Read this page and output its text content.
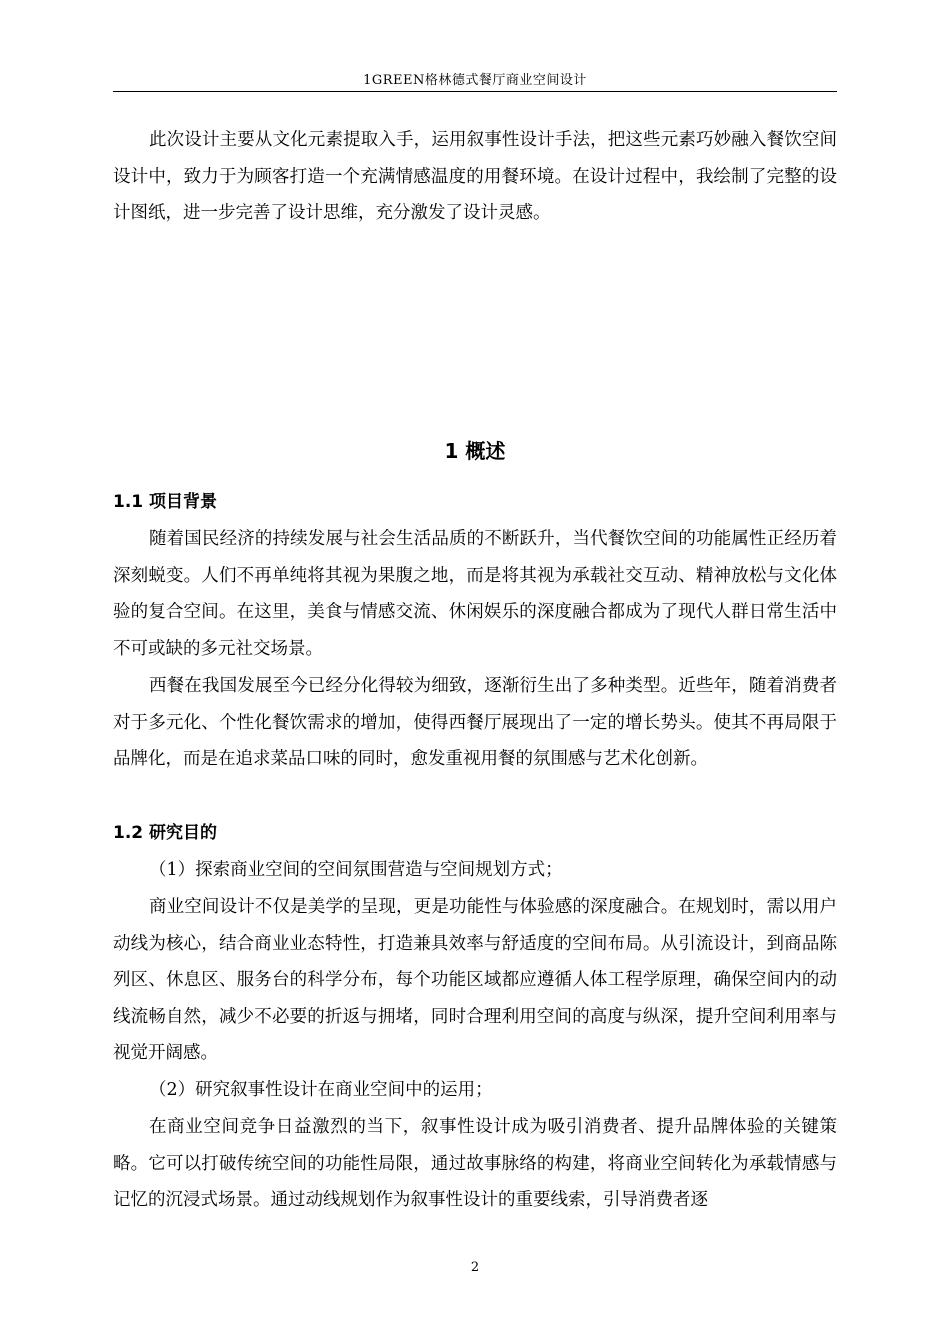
1GREEN格林德式餐厅商业空间设计

此次设计主要从文化元素提取入手，运用叙事性设计手法，把这些元素巧妙融入餐饮空间设计中，致力于为顾客打造一个充满情感温度的用餐环境。在设计过程中，我绘制了完整的设计图纸，进一步完善了设计思维，充分激发了设计灵感。

1 概述
1.1 项目背景

随着国民经济的持续发展与社会生活品质的不断跃升，当代餐饮空间的功能属性正经历着深刻蜕变。人们不再单纯将其视为果腹之地，而是将其视为承载社交互动、精神放松与文化体验的复合空间。在这里，美食与情感交流、休闲娱乐的深度融合都成为了现代人群日常生活中不可或缺的多元社交场景。

西餐在我国发展至今已经分化得较为细致，逐渐衍生出了多种类型。近些年，随着消费者对于多元化、个性化餐饮需求的增加，使得西餐厅展现出了一定的增长势头。使其不再局限于品牌化，而是在追求菜品口味的同时，愈发重视用餐的氛围感与艺术化创新。

1.2 研究目的

（1）探索商业空间的空间氛围营造与空间规划方式；

商业空间设计不仅是美学的呈现，更是功能性与体验感的深度融合。在规划时，需以用户动线为核心，结合商业业态特性，打造兼具效率与舒适度的空间布局。从引流设计，到商品陈列区、休息区、服务台的科学分布，每个功能区域都应遵循人体工程学原理，确保空间内的动线流畅自然，减少不必要的折返与拥堵，同时合理利用空间的高度与纵深，提升空间利用率与视觉开阔感。

（2）研究叙事性设计在商业空间中的运用；

在商业空间竞争日益激烈的当下，叙事性设计成为吸引消费者、提升品牌体验的关键策略。它可以打破传统空间的功能性局限，通过故事脉络的构建，将商业空间转化为承载情感与记忆的沉浸式场景。通过动线规划作为叙事性设计的重要线索，引导消费者逐

2
